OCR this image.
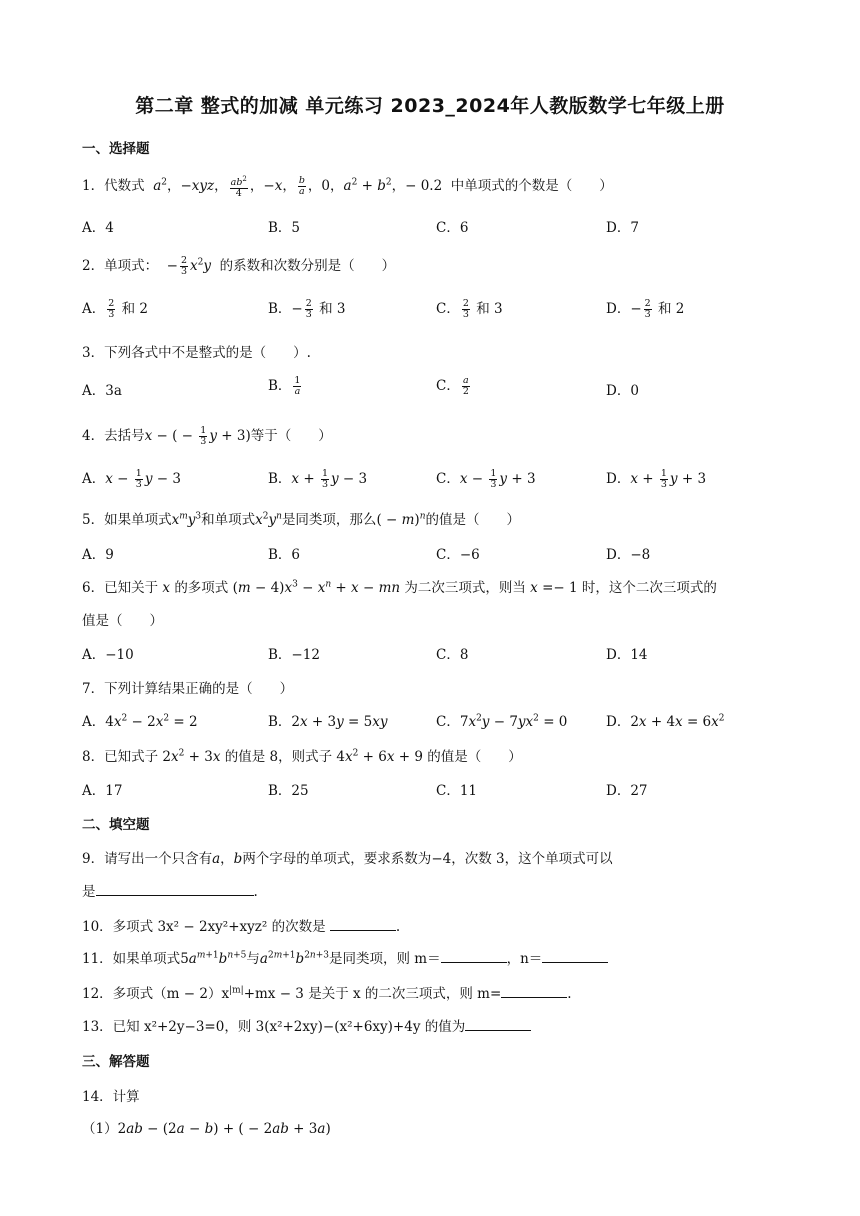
第二章 整式的加减 单元练习 2023_2024年人教版数学七年级上册
一、选择题
1．代数式 $a^2$，−xyz， $\frac{ab^2}{4}$ ，−x， $\frac{b}{a}$ ，0，$a^2 + b^2$，− 0.2  中单项式的个数是（　　）
A．4	B．5	C．6	D．7
2．单项式：  − $\frac{2}{3} x^2y$ 的系数和次数分别是（　　）
A． $\frac{2}{3}$ 和 2	B．− $\frac{2}{3}$ 和 3	C． $\frac{2}{3}$ 和 3	D．− $\frac{2}{3}$ 和 2
3．下列各式中不是整式的是（　　）.
A．3a	B． $\frac{1}{a}$	C． $\frac{a}{2}$	D．0
4．去括号x − ( − $\frac{1}{3}$ y + 3)等于（　　）
A．$x - \frac{1}{3}$ y − 3	B．$x + \frac{1}{3}$ y − 3	C．$x - \frac{1}{3}$ y + 3	D．$x + \frac{1}{3}$ y + 3
5．如果单项式$x^my^3$和单项式$x^2y^n$是同类项，那么( − m)$^n$的值是（　　）
A．9	B．6	C．−6	D．−8
6．已知关于 x 的多项式 $(m - 4)x^3 - x^n + x$ − mn 为二次三项式，则当 x =− 1 时，这个二次三项式的
值是（　　）
A．−10	B．−12	C．8	D．14
7．下列计算结果正确的是（　　）
A．$4x^2 - 2x^2 = 2$	B．2x + 3y = 5xy	C．$7x^2y - 7yx^2 = 0$	D．$2x + 4x = 6x^2$
8．已知式子 $2x^2 + 3x$ 的值是 8，则式子 $4x^2 + 6x + 9$ 的值是（　　）
A．17	B．25	C．11	D．27
二、填空题
9．请写出一个只含有a，b两个字母的单项式，要求系数为−4，次数 3，这个单项式可以
是	.
10．多项式 3x² − 2xy²+xyz² 的次数是	.
11．如果单项式$5a^{m+1}b^{n+5}$与$a^{2m+1}b^{2n+3}$是同类项，则 m＝	，n＝
12．多项式$(m - 2)x^{|m|}+mx - 3$ 是关于 x 的二次三项式，则 m=	.
13．已知 x²+2y−3=0，则 3(x²+2xy)−(x²+6xy)+4y 的值为
三、解答题
14．计算
（1）2ab − (2a − b) + ( − 2ab + 3a)
